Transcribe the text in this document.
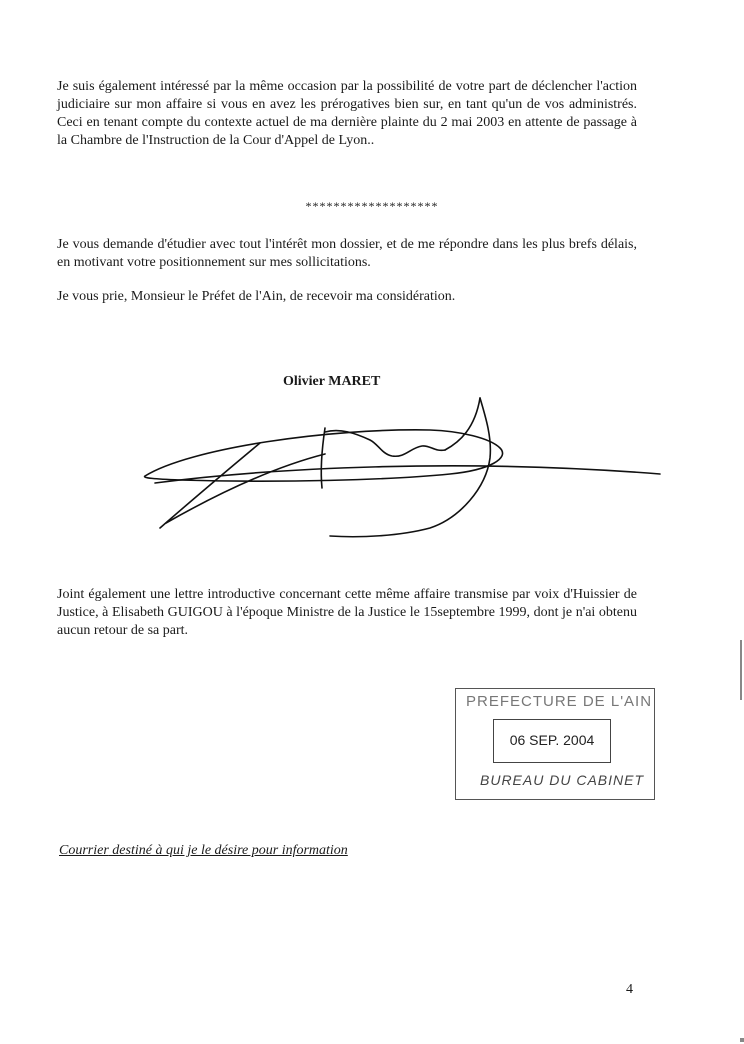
Je suis également intéressé par la même occasion par la possibilité de votre part de déclencher l'action judiciaire sur mon affaire si vous en avez les prérogatives bien sur, en tant qu'un de vos administrés. Ceci en tenant compte du contexte actuel de ma dernière plainte du 2 mai 2003 en attente de passage à la Chambre de l'Instruction de la Cour d'Appel de Lyon..

*******************

Je vous demande d'étudier avec tout l'intérêt mon dossier, et de me répondre dans les plus brefs délais, en motivant votre positionnement sur mes sollicitations.

Je vous prie, Monsieur le Préfet de l'Ain, de recevoir ma considération.

Olivier MARET

Joint également une lettre introductive concernant cette même affaire transmise par voix d'Huissier de Justice, à Elisabeth GUIGOU à l'époque Ministre de la Justice le 15septembre 1999, dont je n'ai obtenu aucun retour de sa part.

PREFECTURE DE L'AIN
06 SEP. 2004
BUREAU DU CABINET
Courrier destiné à qui je le désire pour information
4
